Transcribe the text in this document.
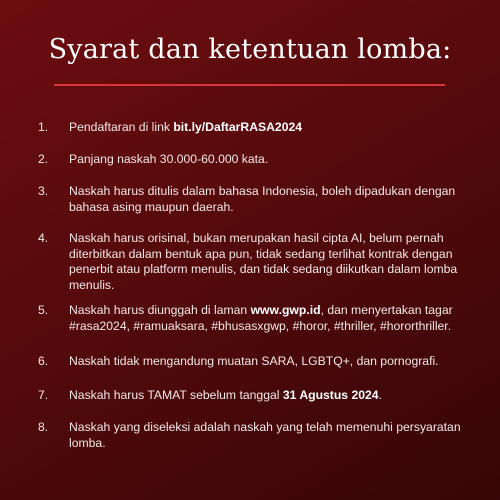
Syarat dan ketentuan lomba:
1.	Pendaftaran di link bit.ly/DaftarRASA2024
2.	Panjang naskah 30.000-60.000 kata.
3.	Naskah harus ditulis dalam bahasa Indonesia, boleh dipadukan dengan bahasa asing maupun daerah.
4.	Naskah harus orisinal, bukan merupakan hasil cipta AI, belum pernah diterbitkan dalam bentuk apa pun, tidak sedang terlihat kontrak dengan penerbit atau platform menulis, dan tidak sedang diikutkan dalam lomba menulis.
5.	Naskah harus diunggah di laman www.gwp.id, dan menyertakan tagar #rasa2024, #ramuaksara, #bhusasxgwp, #horor, #thriller, #hororthriller.
6.	Naskah tidak mengandung muatan SARA, LGBTQ+, dan pornografi.
7.	Naskah harus TAMAT sebelum tanggal 31 Agustus 2024.
8.	Naskah yang diseleksi adalah naskah yang telah memenuhi persyaratan lomba.
